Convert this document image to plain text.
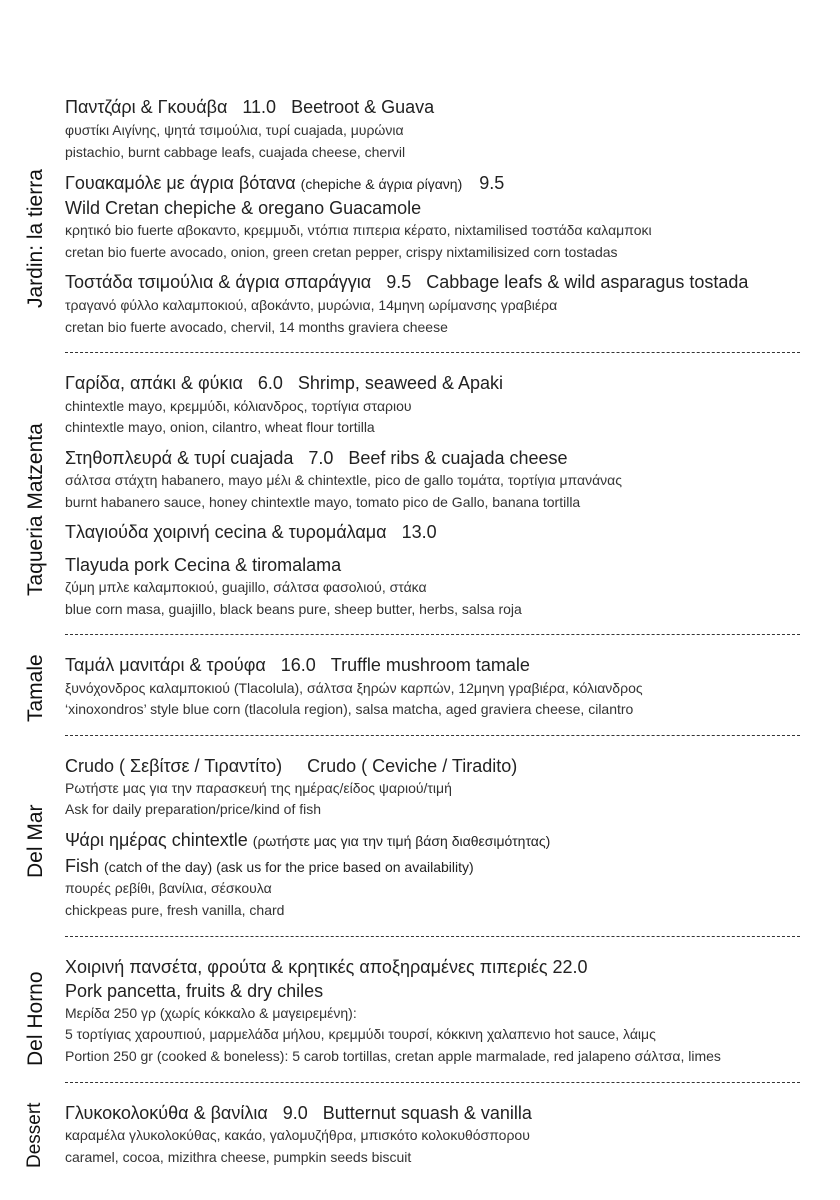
Jardin: la tierra
Taqueria Matzenta
Tamale
Del Mar
Del Horno
Dessert
Παντζάρι & Γκουάβα   11.0   Beetroot & Guava
φυστίκι Αιγίνης, ψητά τσιμούλια, τυρί cuajada, μυρώνια
pistachio, burnt cabbage leafs, cuajada cheese, chervil
Γουακαμόλε με άγρια βότανα (chepiche & άγρια ρίγανη) 9.5
Wild Cretan chepiche & oregano Guacamole
κρητικό bio fuerte αβοκαντο, κρεμμυδι, ντόπια πιπερια κέρατο, nixtamilised τοστάδα καλαμποκι
cretan bio fuerte avocado, onion, green cretan pepper, crispy nixtamilisized corn tostadas
Τοστάδα τσιμούλια & άγρια σπαράγγια   9.5   Cabbage leafs & wild asparagus tostada
τραγανό φύλλο καλαμποκιού, αβοκάντο, μυρώνια, 14μηνη ωρίμανσης γραβιέρα
cretan bio fuerte avocado, chervil, 14 months graviera cheese
Γαρίδα, απάκι & φύκια   6.0   Shrimp, seaweed & Apaki
chintextle mayo, κρεμμύδι, κόλιανδρος, τορτίγια σταριου
chintextle mayo, onion, cilantro, wheat flour tortilla
Στηθοπλευρά & τυρί cuajada   7.0   Beef ribs & cuajada cheese
σάλτσα στάχτη habanero, mayo μέλι & chintextle, pico de gallo τομάτα, τορτίγια μπανάνας
burnt habanero sauce, honey chintextle mayo, tomato pico de Gallo, banana tortilla
Τλαγιούδα χοιρινή cecina & τυρομάλαμα   13.0
Tlayuda pork Cecina & tiromalama
ζύμη μπλε καλαμποκιού, guajillo, σάλτσα φασολιού, στάκα
blue corn masa, guajillo, black beans pure, sheep butter, herbs, salsa roja
Ταμάλ μανιτάρι & τρούφα   16.0   Truffle mushroom tamale
ξυνόχονδρος καλαμποκιού (Tlacolula), σάλτσα ξηρών καρπών, 12μηνη γραβιέρα, κόλιανδρος
‘xinoxondros’ style blue corn (tlacolula region), salsa matcha, aged graviera cheese, cilantro
Crudo ( Σεβίτσε / Τιραντίτο)     Crudo ( Ceviche / Tiradito)
Ρωτήστε μας για την παρασκευή της ημέρας/είδος ψαριού/τιμή
Ask for daily preparation/price/kind of fish
Ψάρι ημέρας chintextle (ρωτήστε μας για την τιμή βάση διαθεσιμότητας)
Fish (catch of the day) (ask us for the price based on availability)
πουρές ρεβίθι, βανίλια, σέσκουλα
chickpeas pure, fresh vanilla, chard
Χοιρινή πανσέτα, φρούτα & κρητικές αποξηραμένες πιπεριές 22.0
Pork pancetta, fruits & dry chiles
Μερίδα 250 γρ (χωρίς κόκκαλο & μαγειρεμένη):
5 τορτίγιας χαρουπιού, μαρμελάδα μήλου, κρεμμύδι τουρσί, κόκκινη χαλαπενιο hot sauce, λάιμς
Portion 250 gr (cooked & boneless): 5 carob tortillas, cretan apple marmalade, red jalapeno σάλτσα, limes
Γλυκοκολοκύθα & βανίλια   9.0   Butternut squash & vanilla
καραμέλα γλυκολοκύθας, κακάο, γαλομυζήθρα, μπισκότο κολοκυθόσπορου
caramel, cocoa, mizithra cheese, pumpkin seeds biscuit
